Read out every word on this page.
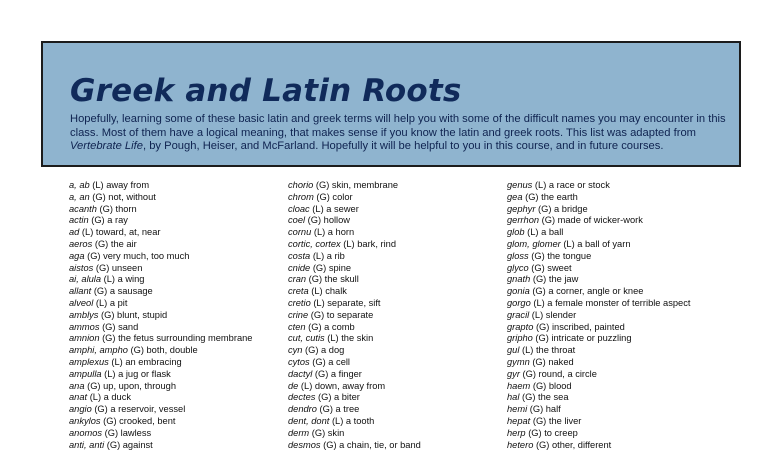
Greek and Latin Roots

Hopefully, learning some of these basic latin and greek terms will help you with some of the difficult names you may encounter in this class. Most of them have a logical meaning, that makes sense if you know the latin and greek roots. This list was adapted from Vertebrate Life, by Pough, Heiser, and McFarland. Hopefully it will be helpful to you in this course, and in future courses.

a, ab (L) away from
a, an (G) not, without
acanth (G) thorn
actin (G) a ray
ad (L) toward, at, near
aeros (G) the air
aga (G) very much, too much
aistos (G) unseen
ai, alula (L) a wing
allant (G) a sausage
alveol (L) a pit
amblys (G) blunt, stupid
ammos (G) sand
amnion (G) the fetus surrounding membrane
amphi, ampho (G) both, double
amplexus (L) an embracing
ampulla (L) a jug or flask
ana (G) up, upon, through
anat (L) a duck
angio (G) a reservoir, vessel
ankylos (G) crooked, bent
anomos (G) lawless
anti, anti (G) against
chorio (G) skin, membrane
chrom (G) color
cloac (L) a sewer
coel (G) hollow
cornu (L) a horn
cortic, cortex (L) bark, rind
costa (L) a rib
cnide (G) spine
cran (G) the skull
creta (L) chalk
cretio (L) separate, sift
crine (G) to separate
cten (G) a comb
cut, cutis (L) the skin
cyn (G) a dog
cytos (G) a cell
dactyl (G) a finger
de (L) down, away from
dectes (G) a biter
dendro (G) a tree
dent, dont (L) a tooth
derm (G) skin
desmos (G) a chain, tie, or band
genus (L) a race or stock
gea (G) the earth
gephyr (G) a bridge
gerrhon (G) made of wicker-work
glob (L) a ball
glom, glomer (L) a ball of yarn
gloss (G) the tongue
glyco (G) sweet
gnath (G) the jaw
gonia (G) a corner, angle or knee
gorgo (L) a female monster of terrible aspect
gracil (L) slender
grapto (G) inscribed, painted
gripho (G) intricate or puzzling
gul (L) the throat
gymn (G) naked
gyr (G) round, a circle
haem (G) blood
hal (G) the sea
hemi (G) half
hepat (G) the liver
herp (G) to creep
hetero (G) other, different
